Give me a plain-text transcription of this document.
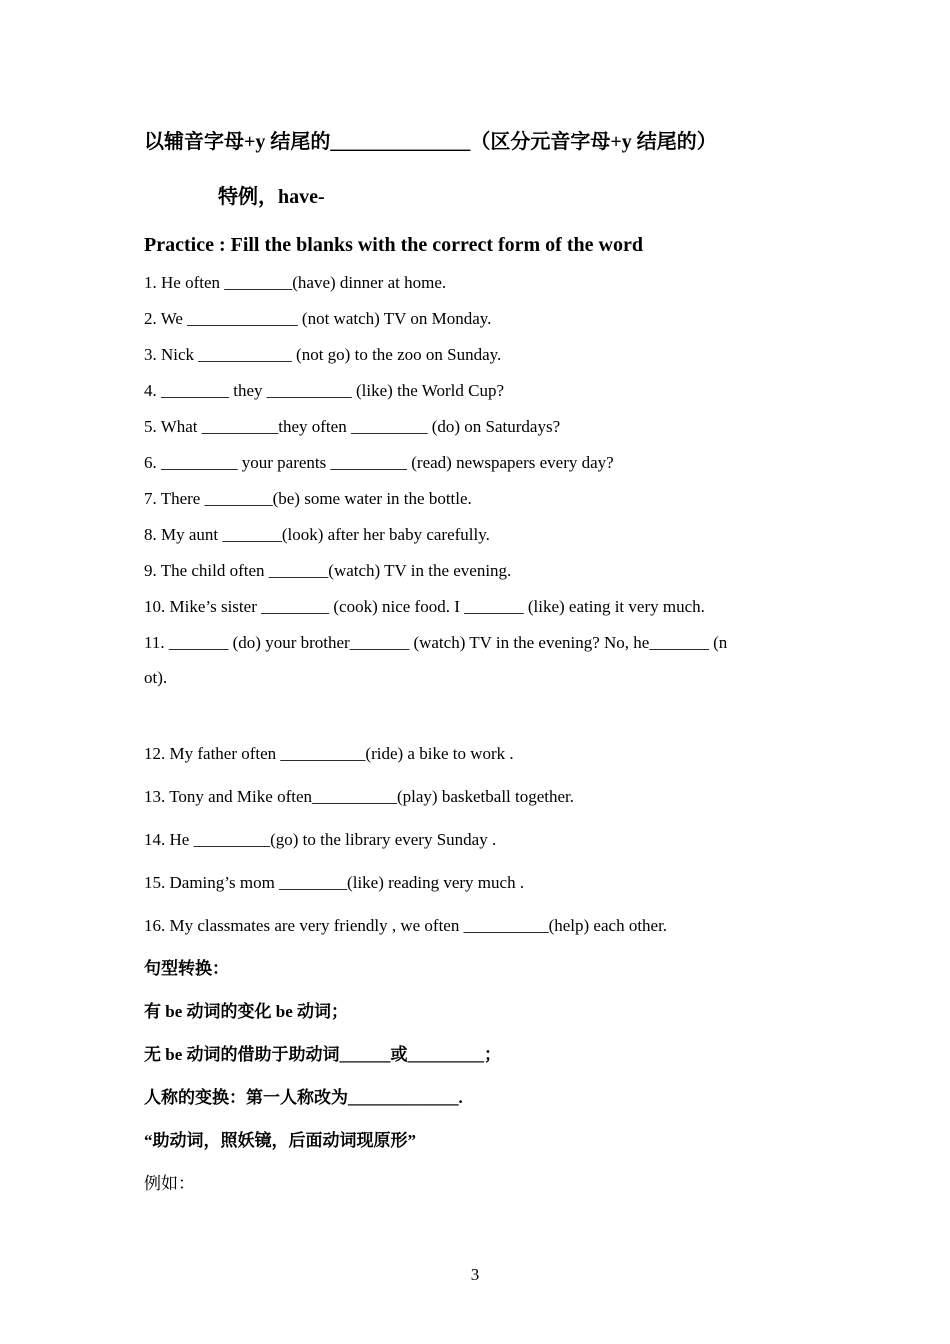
以辅音字母+y 结尾的______________（区分元音字母+y 结尾的）
特例，have-
Practice : Fill the blanks with the correct form of the word
1. He often ________(have) dinner at home.
2. We _____________ (not watch) TV on Monday.
3. Nick ___________ (not go) to the zoo on Sunday.
4. ________ they __________ (like) the World Cup?
5. What _________they often _________ (do) on Saturdays?
6. _________ your parents _________ (read) newspapers every day?
7. There ________(be) some water in the bottle.
8. My aunt _______(look) after her baby carefully.
9. The child often _______(watch) TV in the evening.
10. Mike’s sister ________ (cook) nice food. I _______ (like) eating it very much.
11. _______ (do) your brother_______ (watch) TV in the evening? No, he_______ (n
ot).
12. My father often __________(ride) a bike to work .
13. Tony and Mike often__________(play) basketball together.
14. He _________(go) to the library every Sunday .
15. Daming’s mom ________(like) reading very much .
16. My classmates are very friendly , we often __________(help) each other.
句型转换：
有 be 动词的变化 be 动词；
无 be 动词的借助于助动词______或_________；
人称的变换：第一人称改为_____________.
“助动词，照妖镜，后面动词现原形”
例如：
3
